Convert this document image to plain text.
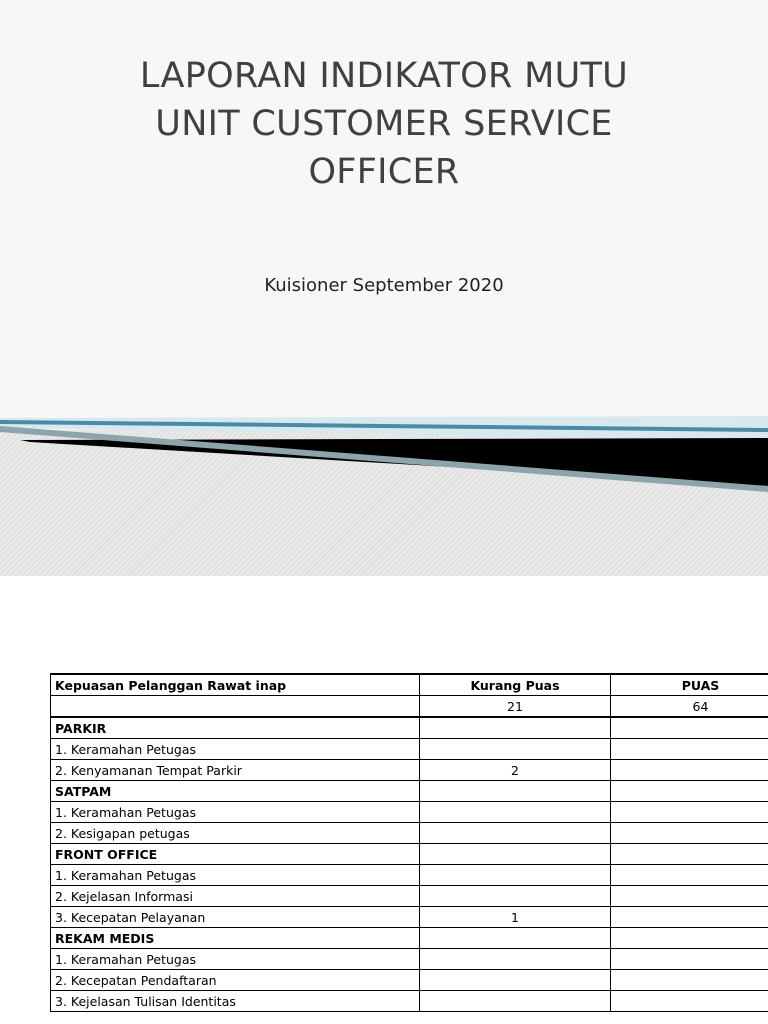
LAPORAN INDIKATOR MUTU
UNIT CUSTOMER SERVICE
OFFICER
Kuisioner September 2020
Kepuasan Pelanggan Rawat inap	Kurang Puas	PUAS
	21	64
PARKIR		
1. Keramahan Petugas		
2. Kenyamanan Tempat Parkir	2	
SATPAM		
1. Keramahan Petugas		
2. Kesigapan petugas		
FRONT OFFICE		
1. Keramahan Petugas		
2. Kejelasan Informasi		
3. Kecepatan Pelayanan	1	
REKAM MEDIS		
1. Keramahan Petugas		
2. Kecepatan Pendaftaran		
3. Kejelasan Tulisan Identitas		
